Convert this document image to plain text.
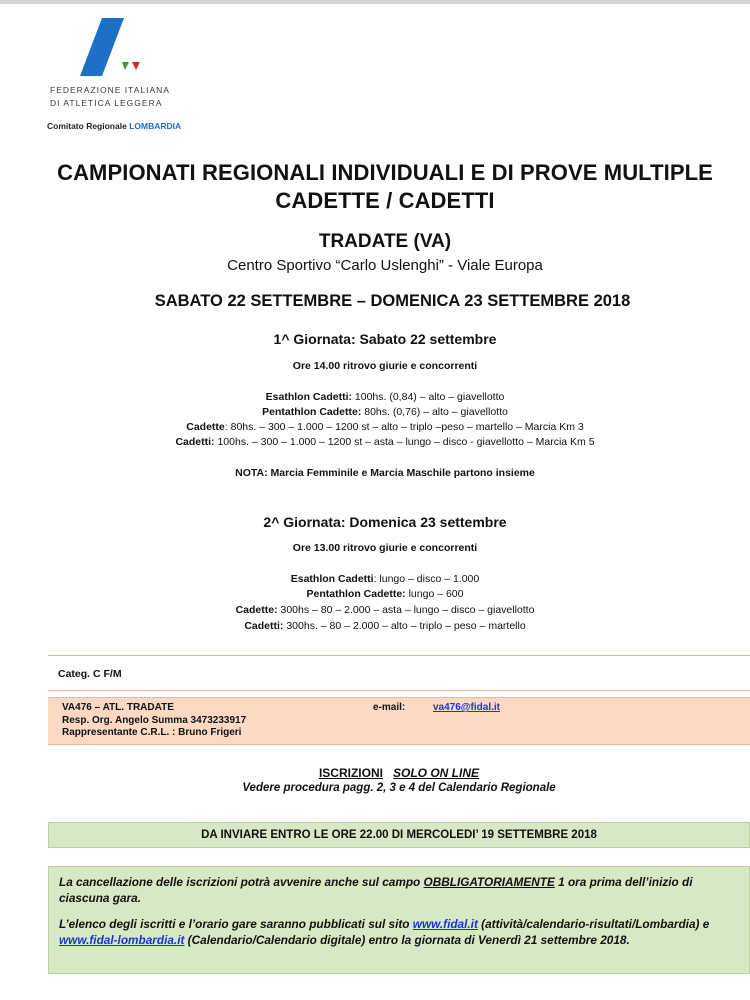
FEDERAZIONE ITALIANA
DI ATLETICA LEGGERA
Comitato Regionale LOMBARDIA
CAMPIONATI REGIONALI INDIVIDUALI E DI PROVE MULTIPLE
CADETTE / CADETTI
TRADATE (VA)
Centro Sportivo “Carlo Uslenghi” - Viale Europa
SABATO 22 SETTEMBRE – DOMENICA 23 SETTEMBRE 2018
1^ Giornata: Sabato 22 settembre
Ore 14.00 ritrovo giurie e concorrenti
Esathlon Cadetti: 100hs. (0,84) – alto – giavellotto
Pentathlon Cadette: 80hs. (0,76) – alto – giavellotto
Cadette: 80hs. – 300 – 1.000 – 1200 st – alto – triplo –peso – martello – Marcia Km 3
Cadetti: 100hs. – 300 – 1.000 – 1200 st – asta – lungo – disco - giavellotto – Marcia Km 5
NOTA: Marcia Femminile e Marcia Maschile partono insieme
2^ Giornata: Domenica 23 settembre
Ore 13.00 ritrovo giurie e concorrenti
Esathlon Cadetti: lungo – disco – 1.000
Pentathlon Cadette: lungo – 600
Cadette: 300hs – 80 – 2.000 – asta – lungo – disco – giavellotto
Cadetti: 300hs. – 80 – 2.000 – alto – triplo – peso – martello
Categ. C F/M
VA476 – ATL. TRADATE
Resp. Org. Angelo Summa 3473233917
Rappresentante C.R.L. : Bruno Frigeri
e-mail:	va476@fidal.it
ISCRIZIONI SOLO ON LINE
Vedere procedura pagg. 2, 3 e 4 del Calendario Regionale
DA INVIARE ENTRO LE ORE 22.00 DI MERCOLEDI’ 19 SETTEMBRE 2018

La cancellazione delle iscrizioni potrà avvenire anche sul campo OBBLIGATORIAMENTE 1 ora prima dell’inizio di ciascuna gara.

L’elenco degli iscritti e l’orario gare saranno pubblicati sul sito www.fidal.it (attività/calendario-risultati/Lombardia) e www.fidal-lombardia.it (Calendario/Calendario digitale) entro la giornata di Venerdì 21 settembre 2018.
